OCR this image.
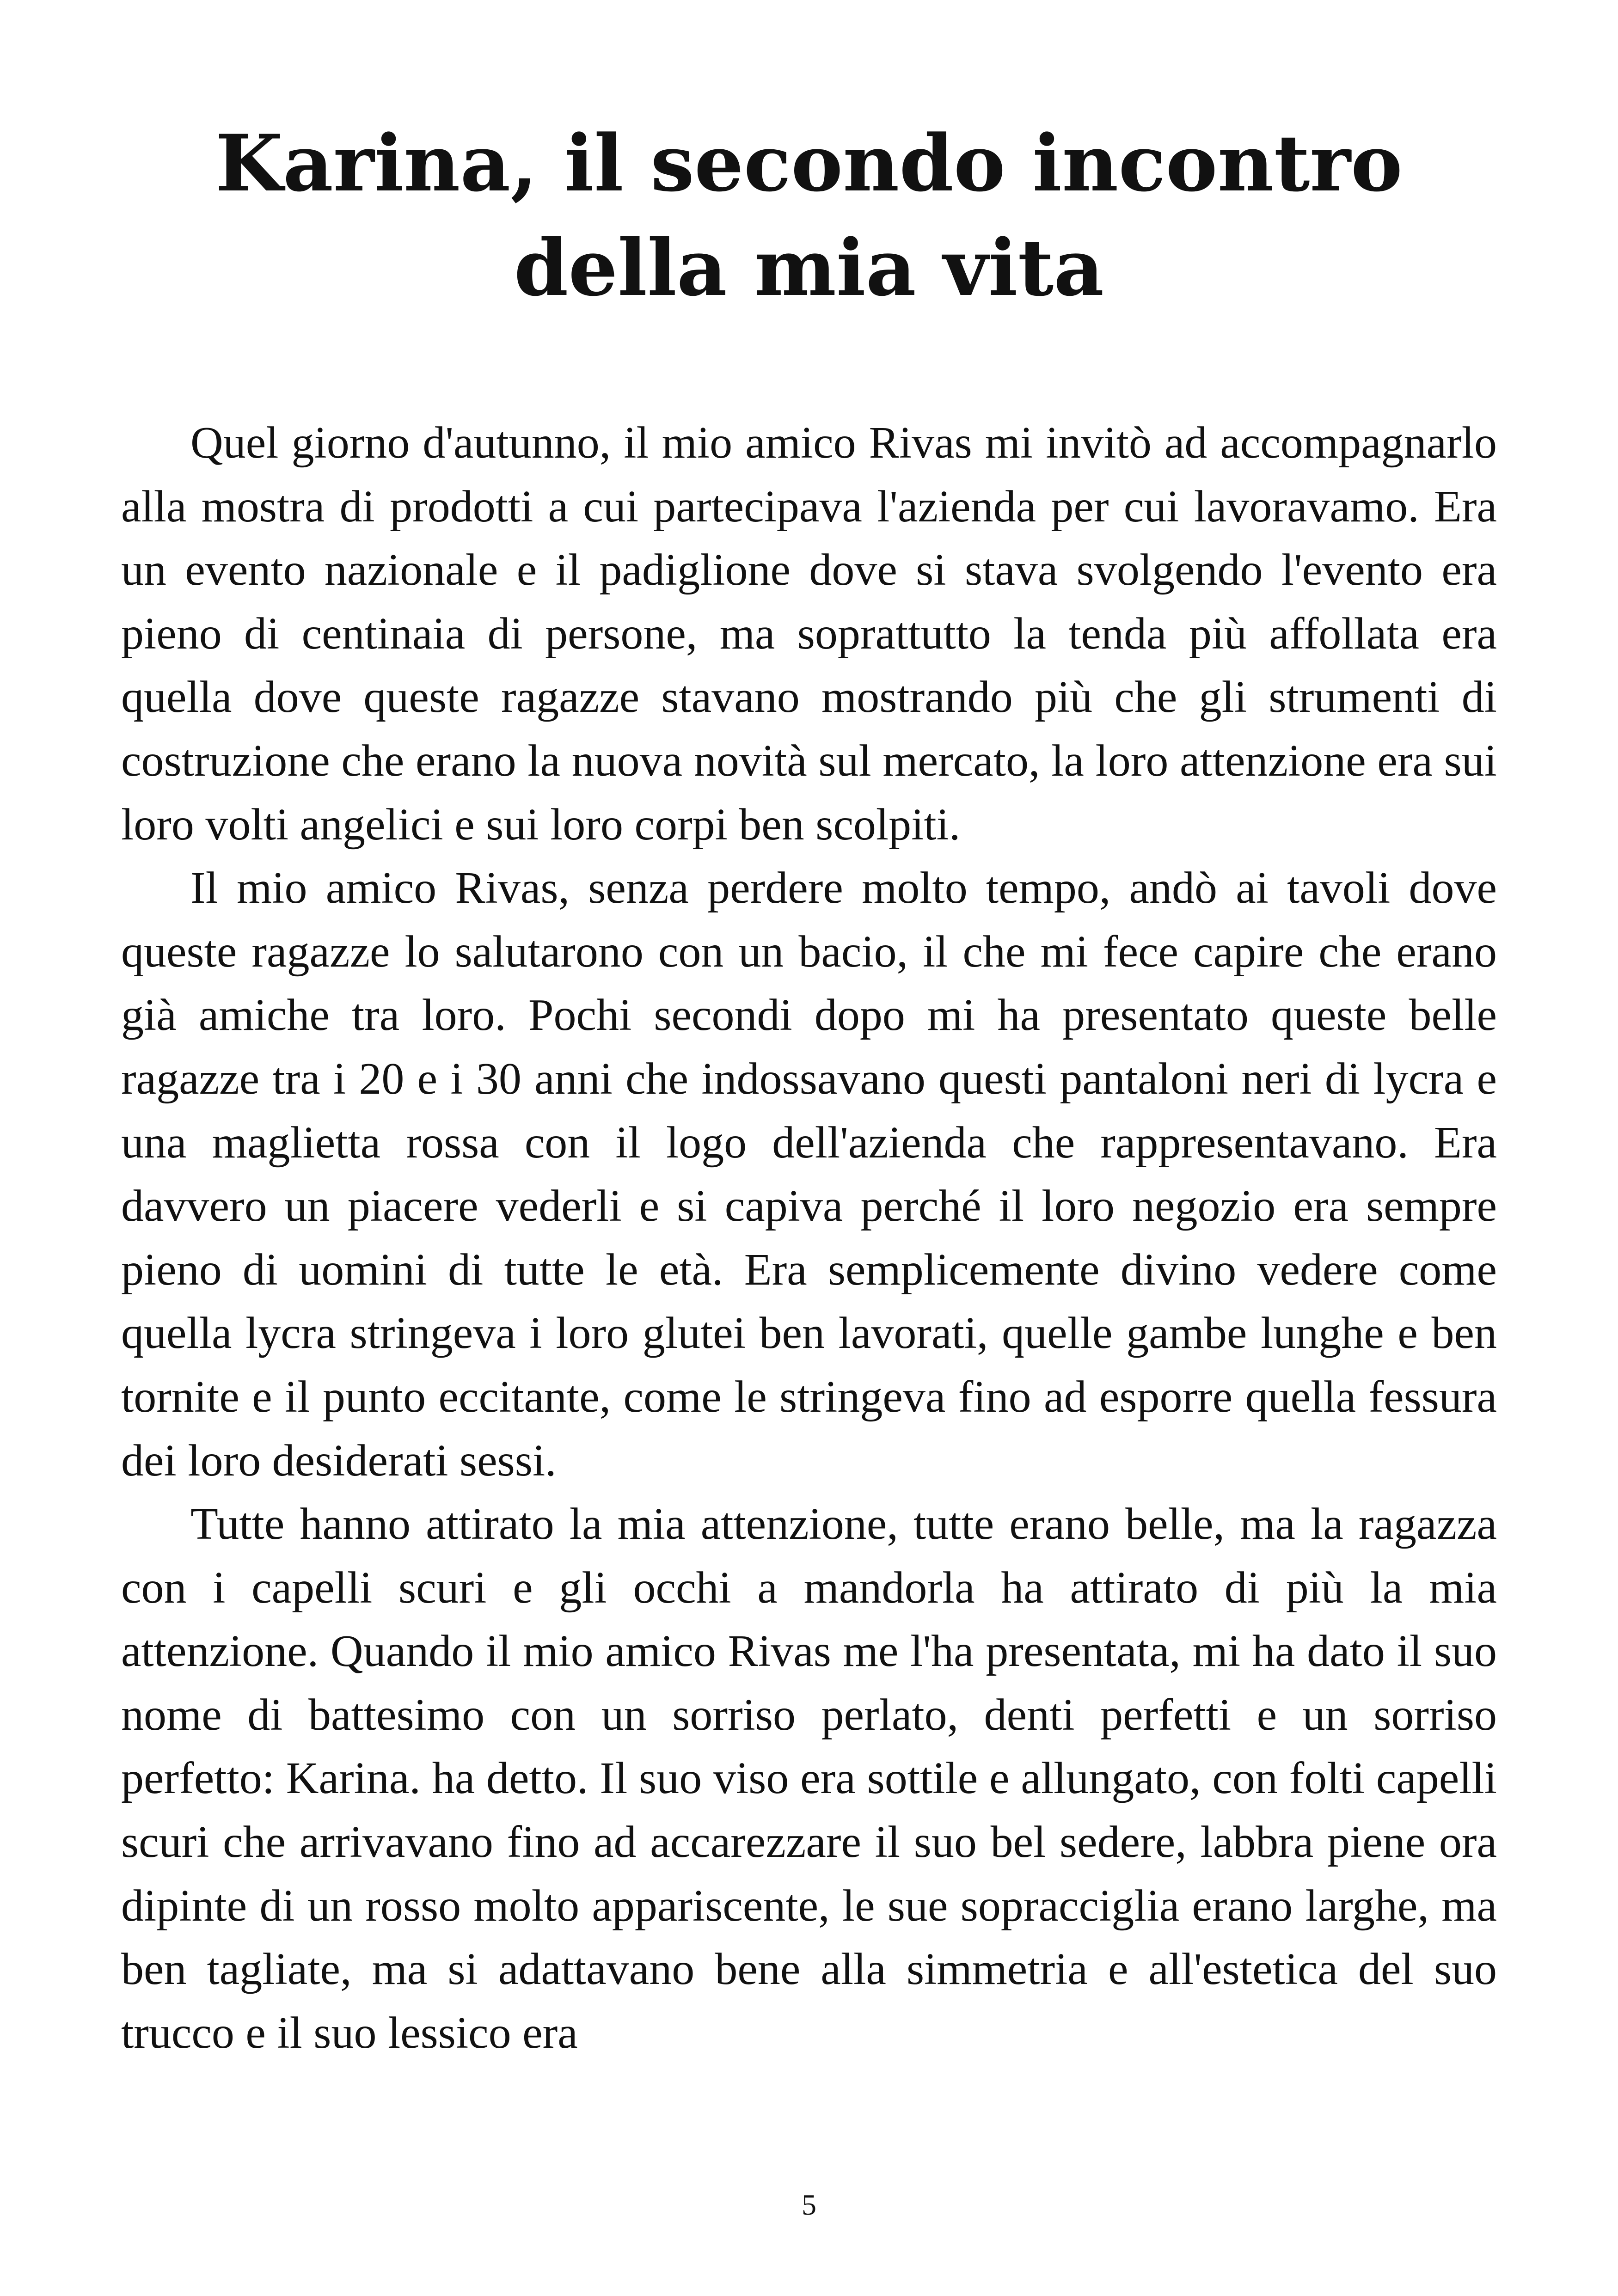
Karina, il secondo incontro della mia vita

Quel giorno d'autunno, il mio amico Rivas mi invitò ad accompagnarlo alla mostra di prodotti a cui partecipava l'azienda per cui lavoravamo. Era un evento nazionale e il padiglione dove si stava svolgendo l'evento era pieno di centinaia di persone, ma soprattutto la tenda più affollata era quella dove queste ragazze stavano mostrando più che gli strumenti di costruzione che erano la nuova novità sul mercato, la loro attenzione era sui loro volti angelici e sui loro corpi ben scolpiti.

Il mio amico Rivas, senza perdere molto tempo, andò ai tavoli dove queste ragazze lo salutarono con un bacio, il che mi fece capire che erano già amiche tra loro. Pochi secondi dopo mi ha presentato queste belle ragazze tra i 20 e i 30 anni che indossavano questi pantaloni neri di lycra e una maglietta rossa con il logo dell'azienda che rappresentavano. Era davvero un piacere vederli e si capiva perché il loro negozio era sempre pieno di uomini di tutte le età. Era semplicemente divino vedere come quella lycra stringeva i loro glutei ben lavorati, quelle gambe lunghe e ben tornite e il punto eccitante, come le stringeva fino ad esporre quella fessura dei loro desiderati sessi.

Tutte hanno attirato la mia attenzione, tutte erano belle, ma la ragazza con i capelli scuri e gli occhi a mandorla ha attirato di più la mia attenzione. Quando il mio amico Rivas me l'ha presentata, mi ha dato il suo nome di battesimo con un sorriso perlato, denti perfetti e un sorriso perfetto: Karina. ha detto. Il suo viso era sottile e allungato, con folti capelli scuri che arrivavano fino ad accarezzare il suo bel sedere, labbra piene ora dipinte di un rosso molto appariscente, le sue sopracciglia erano larghe, ma ben tagliate, ma si adattavano bene alla simmetria e all'estetica del suo trucco e il suo lessico era

5
